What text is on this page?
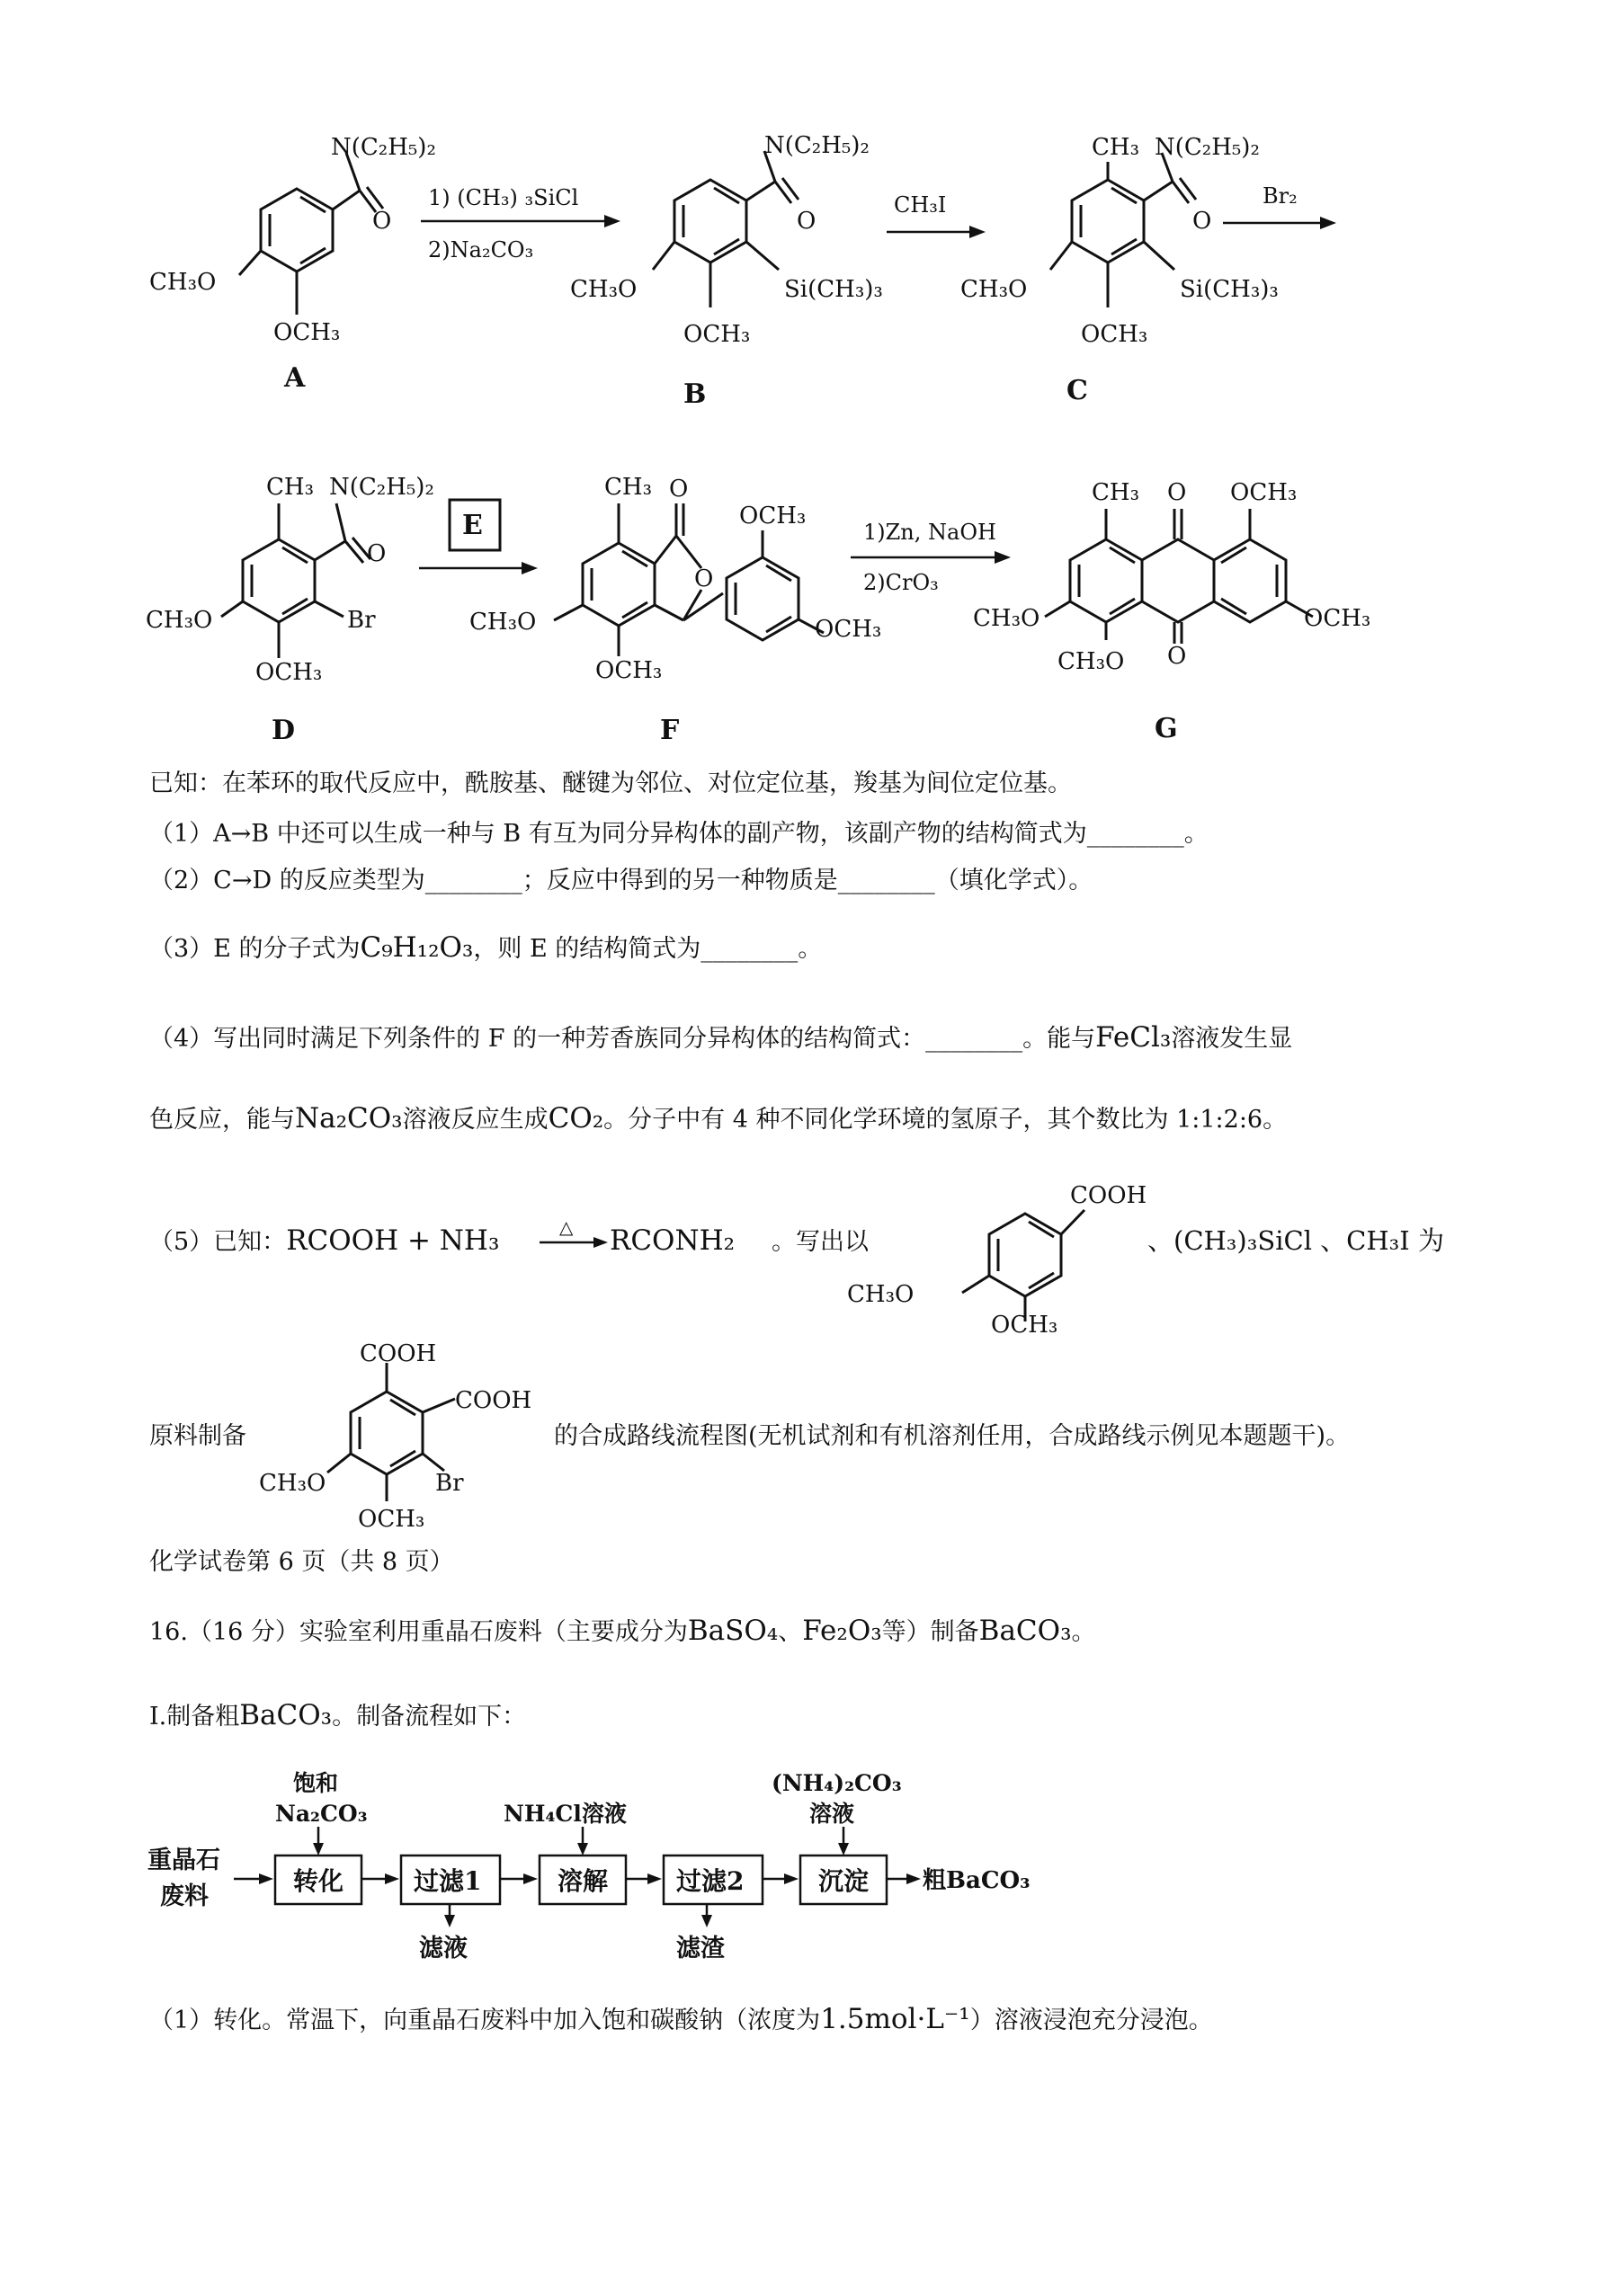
N(C₂H₅)₂
O
CH₃O
OCH₃
A
1) (CH₃) ₃SiCl
2)Na₂CO₃
N(C₂H₅)₂
O
Si(CH₃)₃
CH₃O
OCH₃
B
CH₃I
CH₃ N(C₂H₅)₂
O
Si(CH₃)₃
CH₃O
OCH₃
C
Br₂
CH₃ N(C₂H₅)₂
O
Br
CH₃O
OCH₃
D
E
CH₃ O
O
OCH₃
OCH₃
CH₃O
OCH₃
F
1)Zn, NaOH
2)CrO₃
CH₃ O
O
OCH₃
OCH₃
CH₃O
CH₃O
G
已知：在苯环的取代反应中，酰胺基、醚键为邻位、对位定位基，羧基为间位定位基。
（1）A→B 中还可以生成一种与 B 有互为同分异构体的副产物，该副产物的结构简式为________。
（2）C→D 的反应类型为________；反应中得到的另一种物质是________（填化学式）。
（3）E 的分子式为C₉H₁₂O₃，则 E 的结构简式为________。
（4）写出同时满足下列条件的 F 的一种芳香族同分异构体的结构简式：________。能与FeCl₃溶液发生显
色反应，能与Na₂CO₃溶液反应生成CO₂。分子中有 4 种不同化学环境的氢原子，其个数比为 1:1:2:6。
（5）已知：RCOOH + NH₃	△ RCONH₂ 。写出以
COOH
CH₃O
OCH₃
、(CH₃)₃SiCl 、CH₃I 为
原料制备
COOH
COOH
Br
CH₃O
OCH₃
的合成路线流程图(无机试剂和有机溶剂任用，合成路线示例见本题题干)。
化学试卷第 6 页（共 8 页）
16.（16 分）实验室利用重晶石废料（主要成分为BaSO₄、Fe₂O₃等）制备BaCO₃。
Ⅰ.制备粗BaCO₃。制备流程如下：
重晶石
废料
转化
饱和
Na₂CO₃
过滤1
滤液
溶解
NH₄Cl溶液
过滤2
滤渣
沉淀
(NH₄)₂CO₃
溶液
粗BaCO₃
（1）转化。常温下，向重晶石废料中加入饱和碳酸钠（浓度为1.5mol·L⁻¹）溶液浸泡充分浸泡。
